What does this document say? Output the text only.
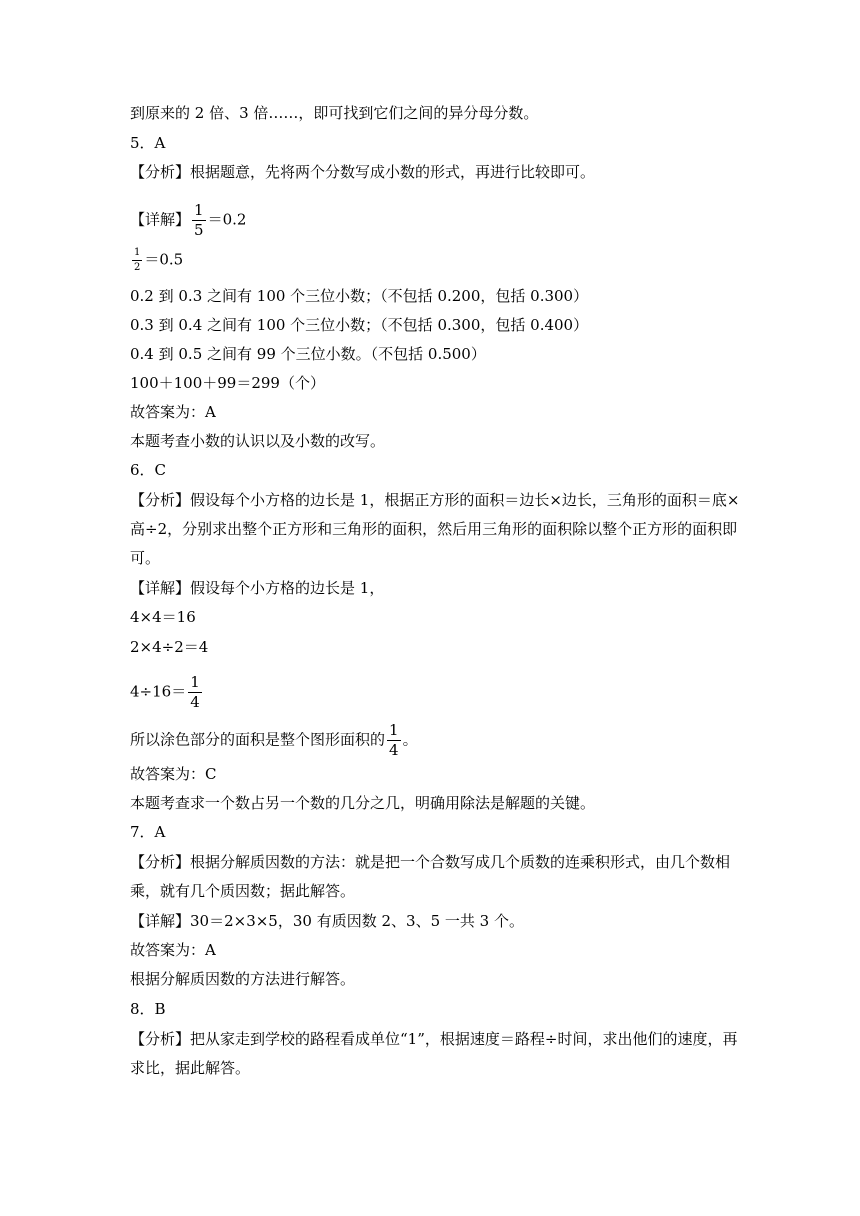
到原来的 2 倍、3 倍……，即可找到它们之间的异分母分数。
5．A
【分析】根据题意，先将两个分数写成小数的形式，再进行比较即可。
【详解】 $\frac{1}{5} =0.2$
$\frac{1}{2} =0.5$
0.2 到 0.3 之间有 100 个三位小数；（不包括 0.200，包括 0.300）
0.3 到 0.4 之间有 100 个三位小数；（不包括 0.300，包括 0.400）
0.4 到 0.5 之间有 99 个三位小数。（不包括 0.500）
100＋100＋99＝299（个）
故答案为：A
本题考查小数的认识以及小数的改写。
6．C
【分析】假设每个小方格的边长是 1，根据正方形的面积＝边长×边长，三角形的面积＝底×
高÷2，分别求出整个正方形和三角形的面积，然后用三角形的面积除以整个正方形的面积即
可。
【详解】假设每个小方格的边长是 1，
4×4＝16
2×4÷2＝4
$4\div 16= \frac{1}{4}$
所以涂色部分的面积是整个图形面积的 $\frac{1}{4}$ 。
故答案为：C
本题考查求一个数占另一个数的几分之几，明确用除法是解题的关键。
7．A
【分析】根据分解质因数的方法：就是把一个合数写成几个质数的连乘积形式，由几个数相
乘，就有几个质因数；据此解答。
【详解】30＝2×3×5，30 有质因数 2、3、5 一共 3 个。
故答案为：A
根据分解质因数的方法进行解答。
8．B
【分析】把从家走到学校的路程看成单位“1”，根据速度＝路程÷时间，求出他们的速度，再
求比，据此解答。
